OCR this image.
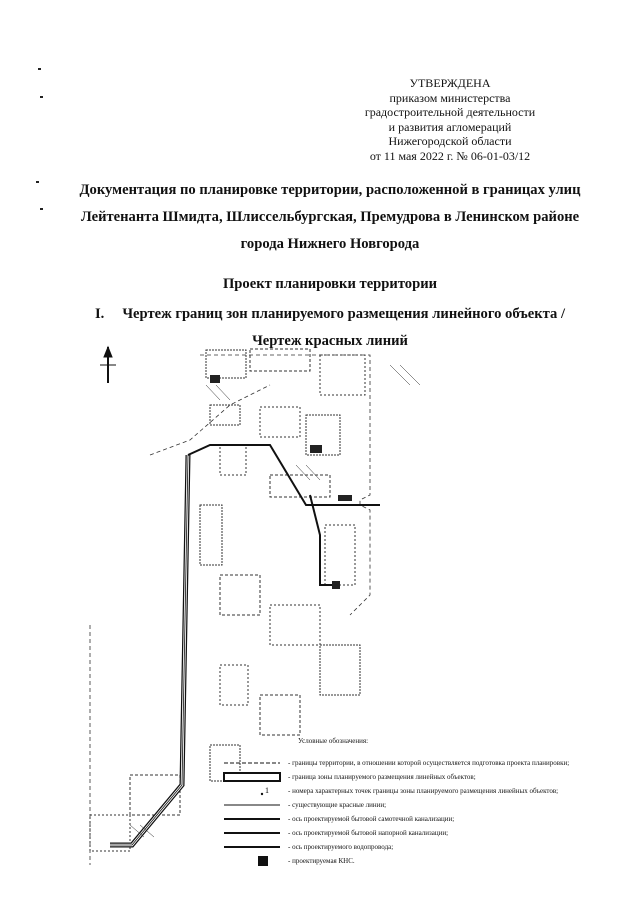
УТВЕРЖДЕНА
приказом министерства
градостроительной деятельности
и развития агломераций
Нижегородской области
от 11 мая 2022 г. № 06-01-03/12
Документация по планировке территории, расположенной в границах улиц
Лейтенанта Шмидта, Шлиссельбургская, Премудрова в Ленинском районе
города Нижнего Новгорода
Проект планировки территории
I. Чертеж границ зон планируемого размещения линейного объекта /
Чертеж красных линий
Условные обозначения:
- границы территории, в отношении которой осуществляется подготовка проекта планировки;
- граница зоны планируемого размещения линейных объектов;
1	- номера характерных точек границы зоны планируемого размещения линейных объектов;
- существующие красные линии;
- ось проектируемой бытовой самотечной канализации;
- ось проектируемой бытовой напорной канализации;
- ось проектируемого водопровода;
- проектируемая КНС.
